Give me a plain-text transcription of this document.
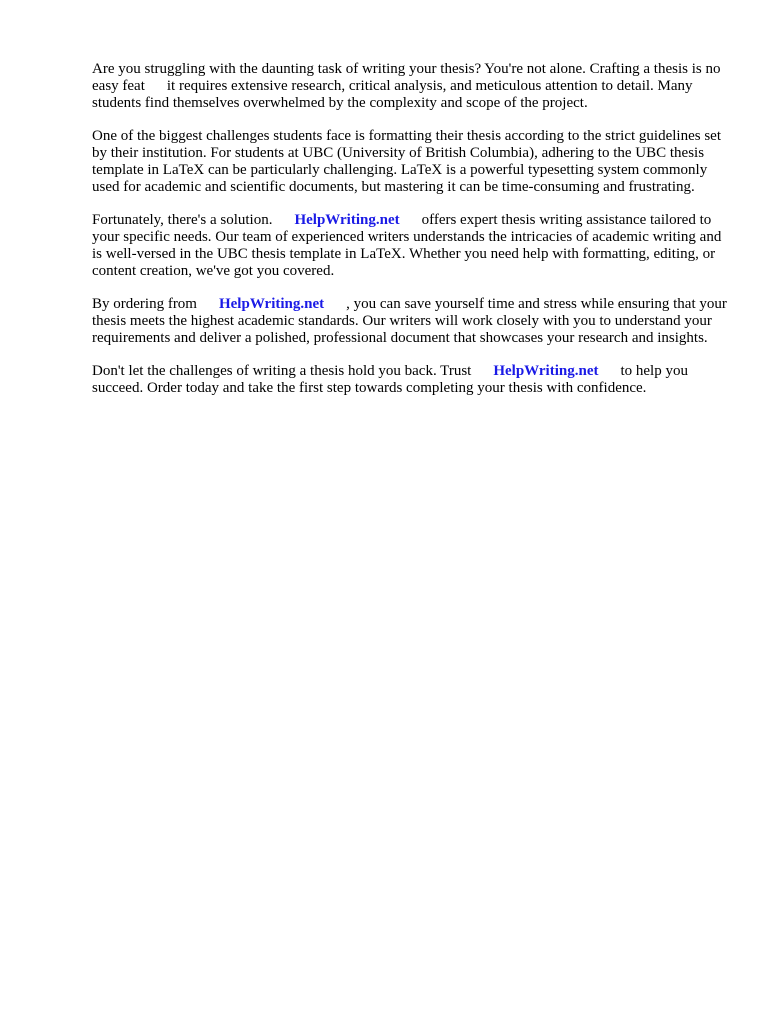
Are you struggling with the daunting task of writing your thesis? You're not alone. Crafting a thesis is no easy feat it requires extensive research, critical analysis, and meticulous attention to detail. Many students find themselves overwhelmed by the complexity and scope of the project.

One of the biggest challenges students face is formatting their thesis according to the strict guidelines set by their institution. For students at UBC (University of British Columbia), adhering to the UBC thesis template in LaTeX can be particularly challenging. LaTeX is a powerful typesetting system commonly used for academic and scientific documents, but mastering it can be time-consuming and frustrating.

Fortunately, there's a solution. HelpWriting.net offers expert thesis writing assistance tailored to your specific needs. Our team of experienced writers understands the intricacies of academic writing and is well-versed in the UBC thesis template in LaTeX. Whether you need help with formatting, editing, or content creation, we've got you covered.

By ordering from HelpWriting.net , you can save yourself time and stress while ensuring that your thesis meets the highest academic standards. Our writers will work closely with you to understand your requirements and deliver a polished, professional document that showcases your research and insights.

Don't let the challenges of writing a thesis hold you back. Trust HelpWriting.net to help you succeed. Order today and take the first step towards completing your thesis with confidence.
